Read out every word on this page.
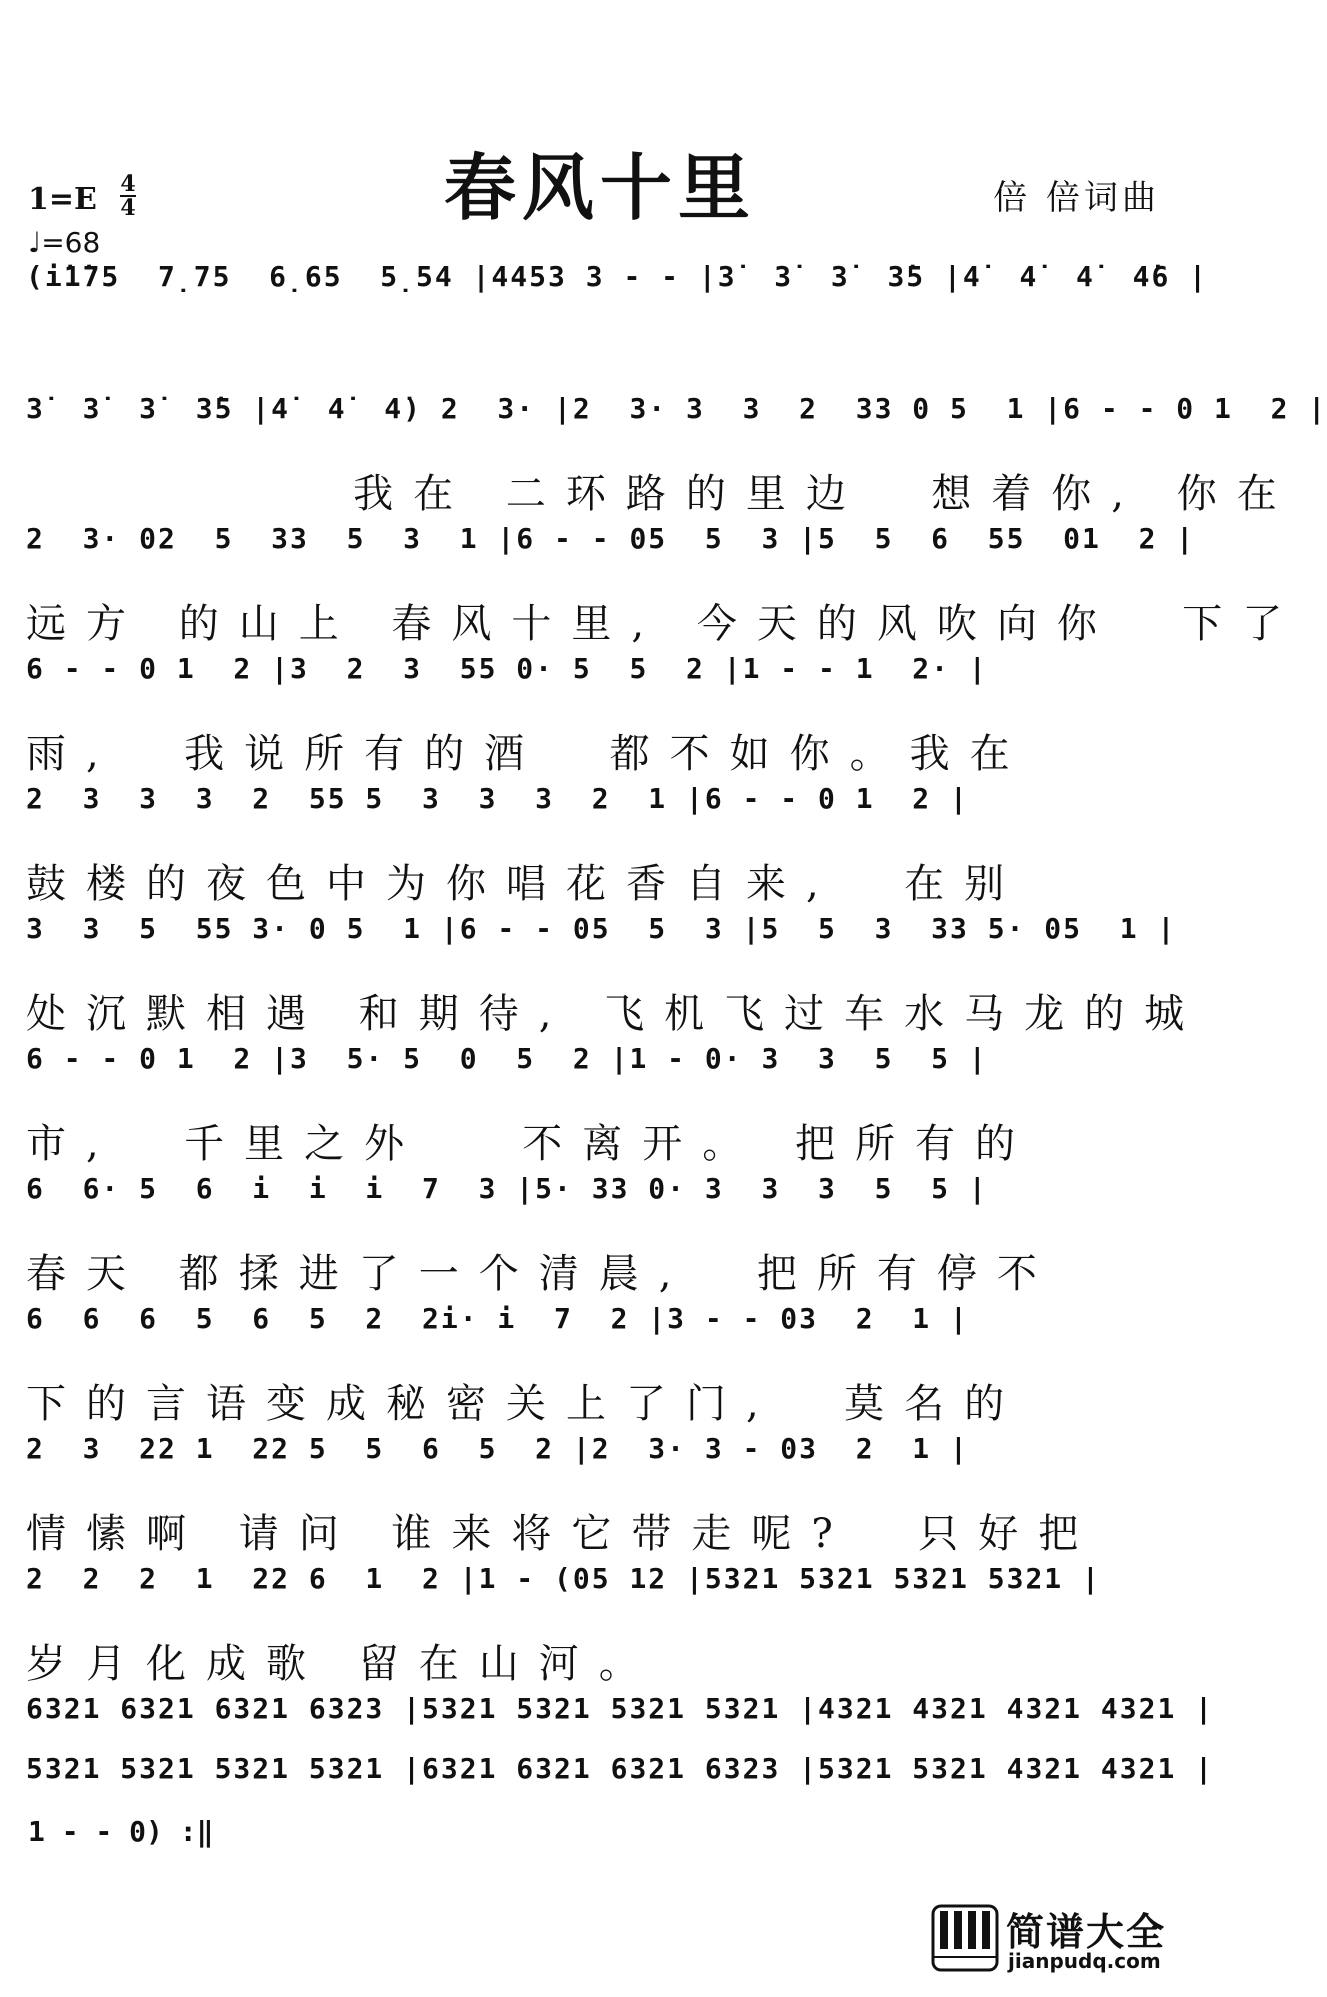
春风十里	倍 倍词曲
1=E 4
4
♩=68
(i̇1̇75  7̣75  6̣65  5̣54 |4453 3 - - |3̇  3̇  3̇  3̇5 |4̇  4̇  4̇  4̇6 |
3̇  3̇  3̇  3̇5 |4̇  4̇  4̇) 2  3· |2  3· 3  3  2  33 0 5  1 |6 - - 0 1  2 |
我在 二环路的里边  想着你, 你在
2  3· 02  5  33  5  3  1 |6 - - 05  5  3 |5  5  6  55  01  2 |
远方 的山上 春风十里, 今天的风吹向你  下了
6 - - 0 1  2 |3  2  3  55 0· 5  5  2 |1 - - 1  2· |
雨,  我说所有的酒  都不如你。我在
2  3  3  3  2  55 5  3  3  3  2  1 |6 - - 0 1  2 |
鼓楼的夜色中为你唱花香自来,  在别
3  3  5  55 3· 0 5  1 |6 - - 05  5  3 |5  5  3  33 5· 05  1 |
处沉默相遇 和期待, 飞机飞过车水马龙的城
6 - - 0 1  2 |3  5· 5  0  5  2 |1 - 0· 3  3  5  5 |
市,  千里之外   不离开。 把所有的
6  6· 5  6  i  i  i  7  3 |5· 33 0· 3  3  3  5  5 |
春天 都揉进了一个清晨,  把所有停不
6  6  6  5  6  5  2  2i· i  7  2 |3 - - 03  2  1 |
下的言语变成秘密关上了门,  莫名的
2  3  22 1  22 5  5  6  5  2 |2  3· 3 - 03  2  1 |
情愫啊 请问 谁来将它带走呢?  只好把
2  2  2  1  22 6  1  2 |1 - (05 12 |5321 5321 5321 5321 |
岁月化成歌 留在山河。
6321 6321 6321 6323 |5321 5321 5321 5321 |4321 4321 4321 4321 |
5321 5321 5321 5321 |6321 6321 6321 6323 |5321 5321 4321 4321 |
1 - - 0) :‖
简谱大全
jianpudq.com
